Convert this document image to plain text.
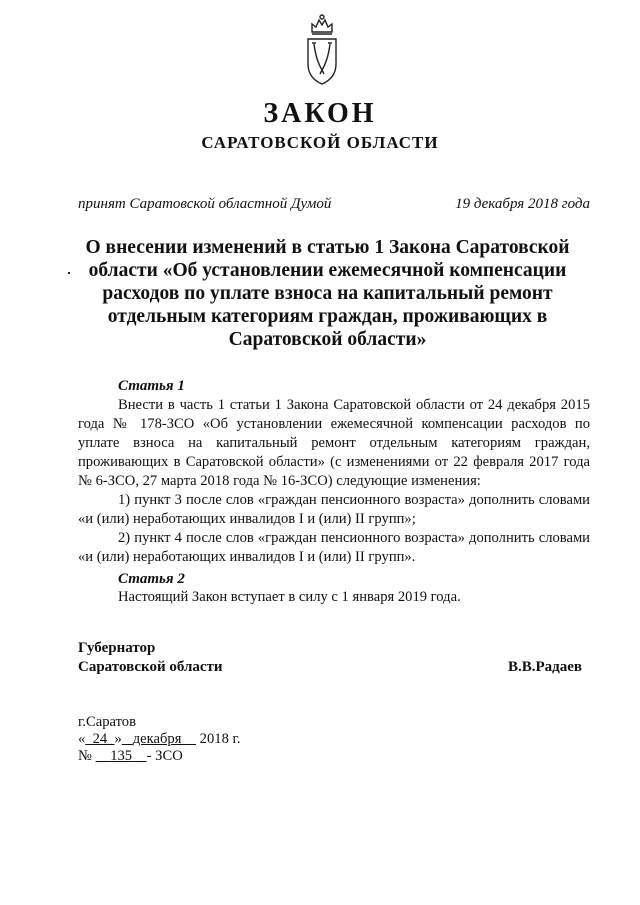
ЗАКОН
САРАТОВСКОЙ ОБЛАСТИ
принят Саратовской областной Думой	19 декабря 2018 года
О внесении изменений в статью 1 Закона Саратовской
области «Об установлении ежемесячной компенсации
расходов по уплате взноса на капитальный ремонт
отдельным категориям граждан, проживающих в
Саратовской области»
Статья 1

Внести в часть 1 статьи 1 Закона Саратовской области от 24 декабря 2015 года № 178-ЗСО «Об установлении ежемесячной компенсации расходов по уплате взноса на капитальный ремонт отдельным категориям граждан, проживающих в Саратовской области» (с изменениями от 22 февраля 2017 года № 6-ЗСО, 27 марта 2018 года № 16-ЗСО) следующие изменения:

1) пункт 3 после слов «граждан пенсионного возраста» дополнить словами «и (или) неработающих инвалидов I и (или) II групп»;

2) пункт 4 после слов «граждан пенсионного возраста» дополнить словами «и (или) неработающих инвалидов I и (или) II групп».

Статья 2

Настоящий Закон вступает в силу с 1 января 2019 года.

Губернатор
Саратовской области	В.В.Радаев
г.Саратов
« 24 » декабря 2018 г.
№ 135 - ЗСО
